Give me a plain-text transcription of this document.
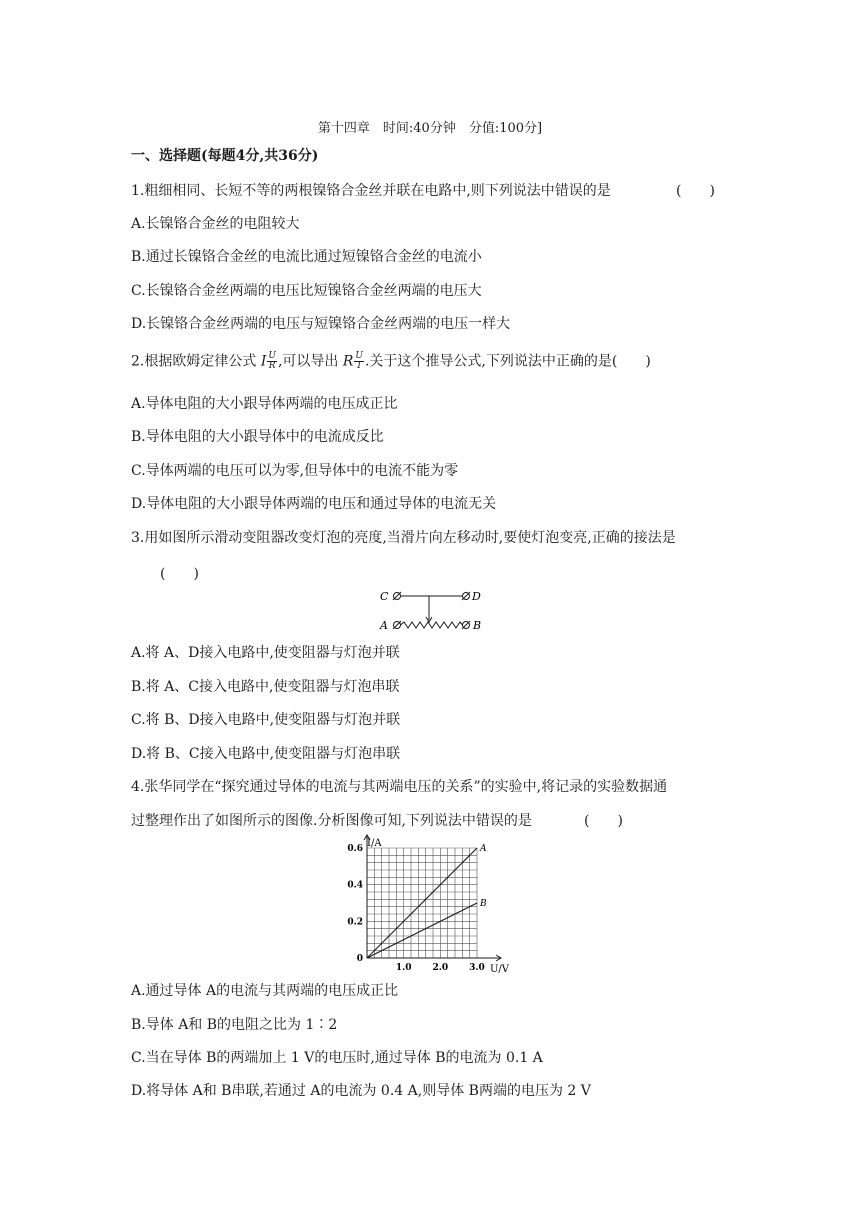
第十四章　时间:40分钟　分值:100分]
一、选择题(每题4分,共36分)
1.粗细相同、长短不等的两根镍铬合金丝并联在电路中,则下列说法中错误的是	(　　)
A.长镍铬合金丝的电阻较大
B.通过长镍铬合金丝的电流比通过短镍铬合金丝的电流小
C.长镍铬合金丝两端的电压比短镍铬合金丝两端的电压大
D.长镍铬合金丝两端的电压与短镍铬合金丝两端的电压一样大
2.根据欧姆定律公式 I $\frac{U}{R}$ ,可以导出 R $\frac{U}{I}$ .关于这个推导公式,下列说法中正确的是(　　)
A.导体电阻的大小跟导体两端的电压成正比
B.导体电阻的大小跟导体中的电流成反比
C.导体两端的电压可以为零,但导体中的电流不能为零
D.导体电阻的大小跟导体两端的电压和通过导体的电流无关
3.用如图所示滑动变阻器改变灯泡的亮度,当滑片向左移动时,要使灯泡变亮,正确的接法是
(　　)
C	D
A	B
A.将 A、D接入电路中,使变阻器与灯泡并联
B.将 A、C接入电路中,使变阻器与灯泡串联
C.将 B、D接入电路中,使变阻器与灯泡并联
D.将 B、C接入电路中,使变阻器与灯泡串联
4.张华同学在“探究通过导体的电流与其两端电压的关系”的实验中,将记录的实验数据通
过整理作出了如图所示的图像.分析图像可知,下列说法中错误的是	(　　)
1.0 2.0 3.0
0
0.2
0.4
0.6	A
B
I/A
U/V
A.通过导体 A的电流与其两端的电压成正比
B.导体 A和 B的电阻之比为 1∶2
C.当在导体 B的两端加上 1 V的电压时,通过导体 B的电流为 0.1 A
D.将导体 A和 B串联,若通过 A的电流为 0.4 A,则导体 B两端的电压为 2 V
